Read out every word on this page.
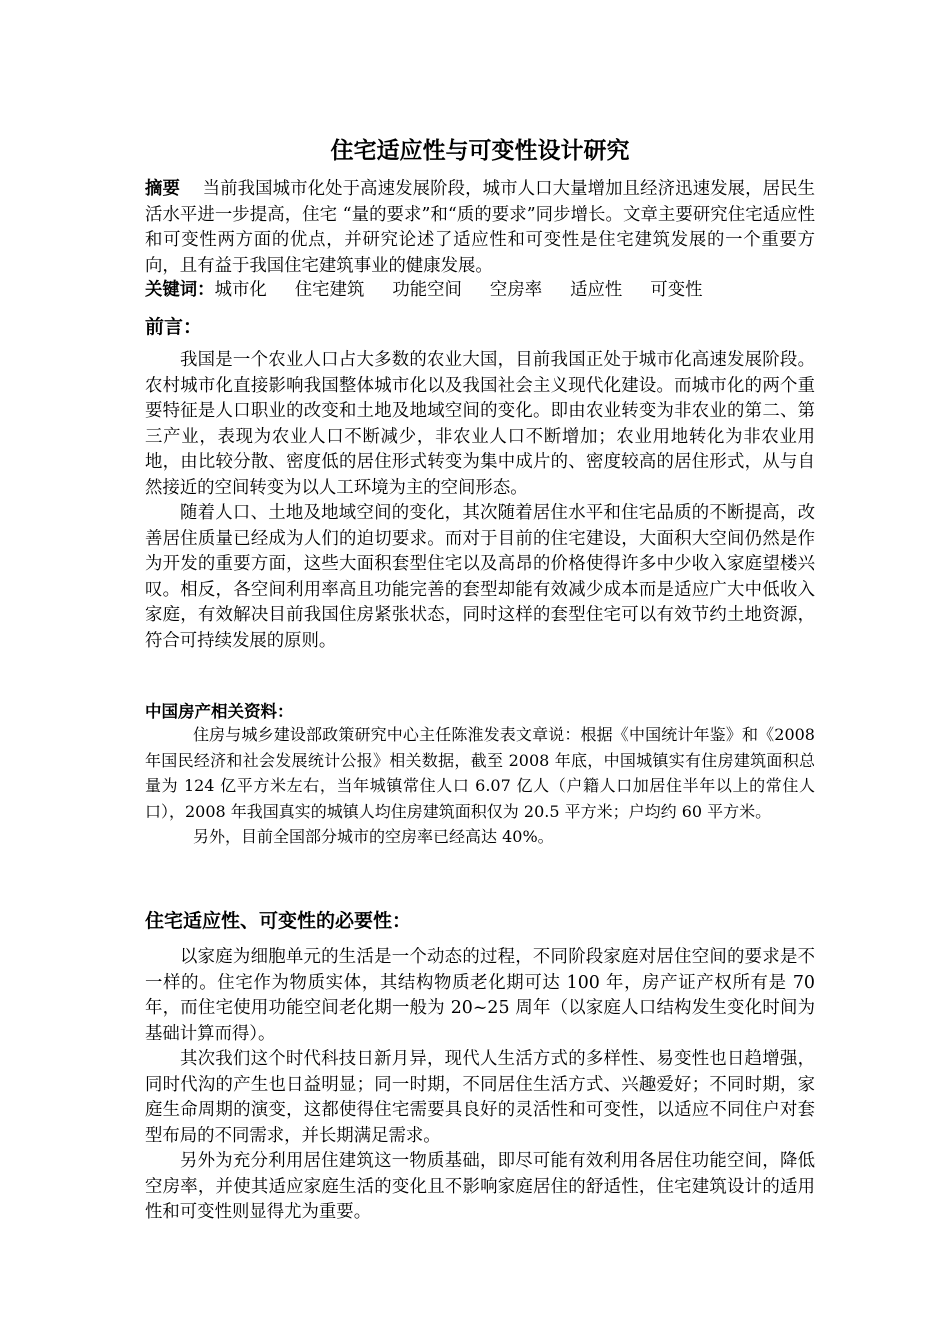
住宅适应性与可变性设计研究

摘要 当前我国城市化处于高速发展阶段，城市人口大量增加且经济迅速发展，居民生活水平进一步提高，住宅 “量的要求”和“质的要求”同步增长。文章主要研究住宅适应性和可变性两方面的优点，并研究论述了适应性和可变性是住宅建筑发展的一个重要方向，且有益于我国住宅建筑事业的健康发展。

关键词：城市化 住宅建筑 功能空间 空房率 适应性 可变性
前言：

我国是一个农业人口占大多数的农业大国，目前我国正处于城市化高速发展阶段。农村城市化直接影响我国整体城市化以及我国社会主义现代化建设。而城市化的两个重要特征是人口职业的改变和土地及地域空间的变化。即由农业转变为非农业的第二、第三产业，表现为农业人口不断减少，非农业人口不断增加；农业用地转化为非农业用地，由比较分散、密度低的居住形式转变为集中成片的、密度较高的居住形式，从与自然接近的空间转变为以人工环境为主的空间形态。

随着人口、土地及地域空间的变化，其次随着居住水平和住宅品质的不断提高，改善居住质量已经成为人们的迫切要求。而对于目前的住宅建设，大面积大空间仍然是作为开发的重要方面，这些大面积套型住宅以及高昂的价格使得许多中少收入家庭望楼兴叹。相反，各空间利用率高且功能完善的套型却能有效减少成本而是适应广大中低收入家庭，有效解决目前我国住房紧张状态，同时这样的套型住宅可以有效节约土地资源，符合可持续发展的原则。

中国房产相关资料：

住房与城乡建设部政策研究中心主任陈淮发表文章说：根据《中国统计年鉴》和《2008 年国民经济和社会发展统计公报》相关数据，截至 2008 年底，中国城镇实有住房建筑面积总量为 124 亿平方米左右，当年城镇常住人口 6.07 亿人（户籍人口加居住半年以上的常住人口），2008 年我国真实的城镇人均住房建筑面积仅为 20.5 平方米；户均约 60 平方米。

另外，目前全国部分城市的空房率已经高达 40%。

住宅适应性、可变性的必要性：

以家庭为细胞单元的生活是一个动态的过程，不同阶段家庭对居住空间的要求是不一样的。住宅作为物质实体，其结构物质老化期可达 100 年，房产证产权所有是 70 年，而住宅使用功能空间老化期一般为 20~25 周年（以家庭人口结构发生变化时间为基础计算而得）。

其次我们这个时代科技日新月异，现代人生活方式的多样性、易变性也日趋增强，同时代沟的产生也日益明显；同一时期，不同居住生活方式、兴趣爱好；不同时期，家庭生命周期的演变，这都使得住宅需要具良好的灵活性和可变性，以适应不同住户对套型布局的不同需求，并长期满足需求。

另外为充分利用居住建筑这一物质基础，即尽可能有效利用各居住功能空间，降低空房率，并使其适应家庭生活的变化且不影响家庭居住的舒适性，住宅建筑设计的适用性和可变性则显得尤为重要。
